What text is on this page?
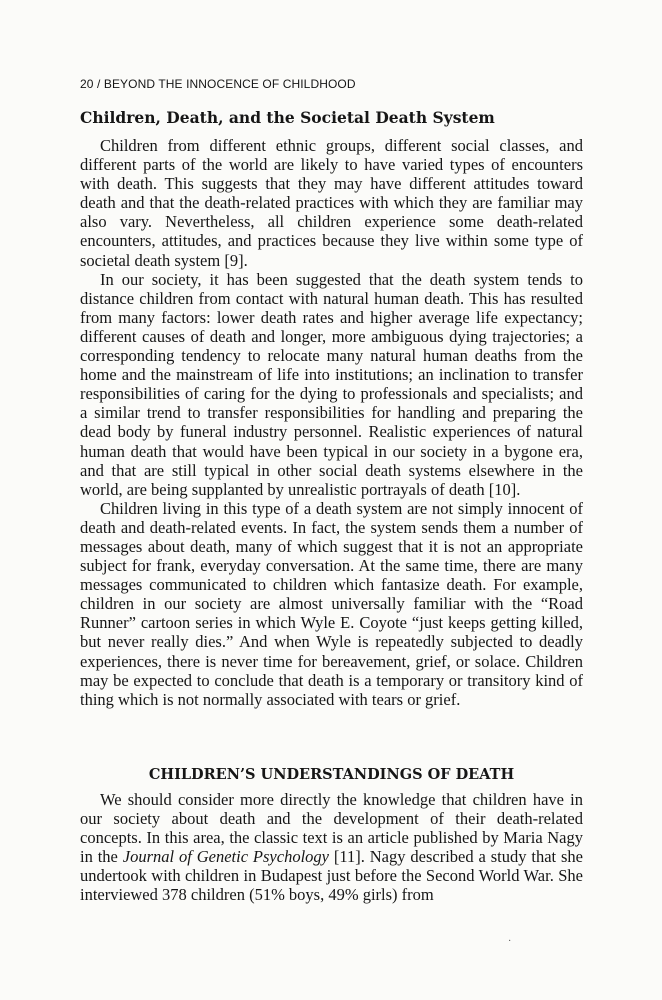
20 / BEYOND THE INNOCENCE OF CHILDHOOD
Children, Death, and the Societal Death System

Children from different ethnic groups, different social classes, and different parts of the world are likely to have varied types of encounters with death. This suggests that they may have different attitudes toward death and that the death-related practices with which they are familiar may also vary. Nevertheless, all children experience some death-related encounters, attitudes, and practices because they live within some type of societal death system [9].

In our society, it has been suggested that the death system tends to distance children from contact with natural human death. This has resulted from many factors: lower death rates and higher average life expectancy; different causes of death and longer, more ambiguous dying trajectories; a corresponding tendency to relocate many natural human deaths from the home and the mainstream of life into institutions; an inclination to transfer responsibilities of caring for the dying to professionals and specialists; and a similar trend to transfer responsibilities for handling and preparing the dead body by funeral industry personnel. Realistic experiences of natural human death that would have been typical in our society in a bygone era, and that are still typical in other social death systems elsewhere in the world, are being supplanted by unrealistic portrayals of death [10].

Children living in this type of a death system are not simply innocent of death and death-related events. In fact, the system sends them a number of messages about death, many of which suggest that it is not an appropriate subject for frank, everyday conversation. At the same time, there are many messages communicated to children which fantasize death. For example, children in our society are almost universally familiar with the “Road Runner” cartoon series in which Wyle E. Coyote “just keeps getting killed, but never really dies.” And when Wyle is repeatedly subjected to deadly experiences, there is never time for bereavement, grief, or solace. Children may be expected to conclude that death is a temporary or transitory kind of thing which is not normally associated with tears or grief.

CHILDREN’S UNDERSTANDINGS OF DEATH

We should consider more directly the knowledge that children have in our society about death and the development of their death-related concepts. In this area, the classic text is an article published by Maria Nagy in the Journal of Genetic Psychology [11]. Nagy described a study that she undertook with children in Budapest just before the Second World War. She interviewed 378 children (51% boys, 49% girls) from

·
